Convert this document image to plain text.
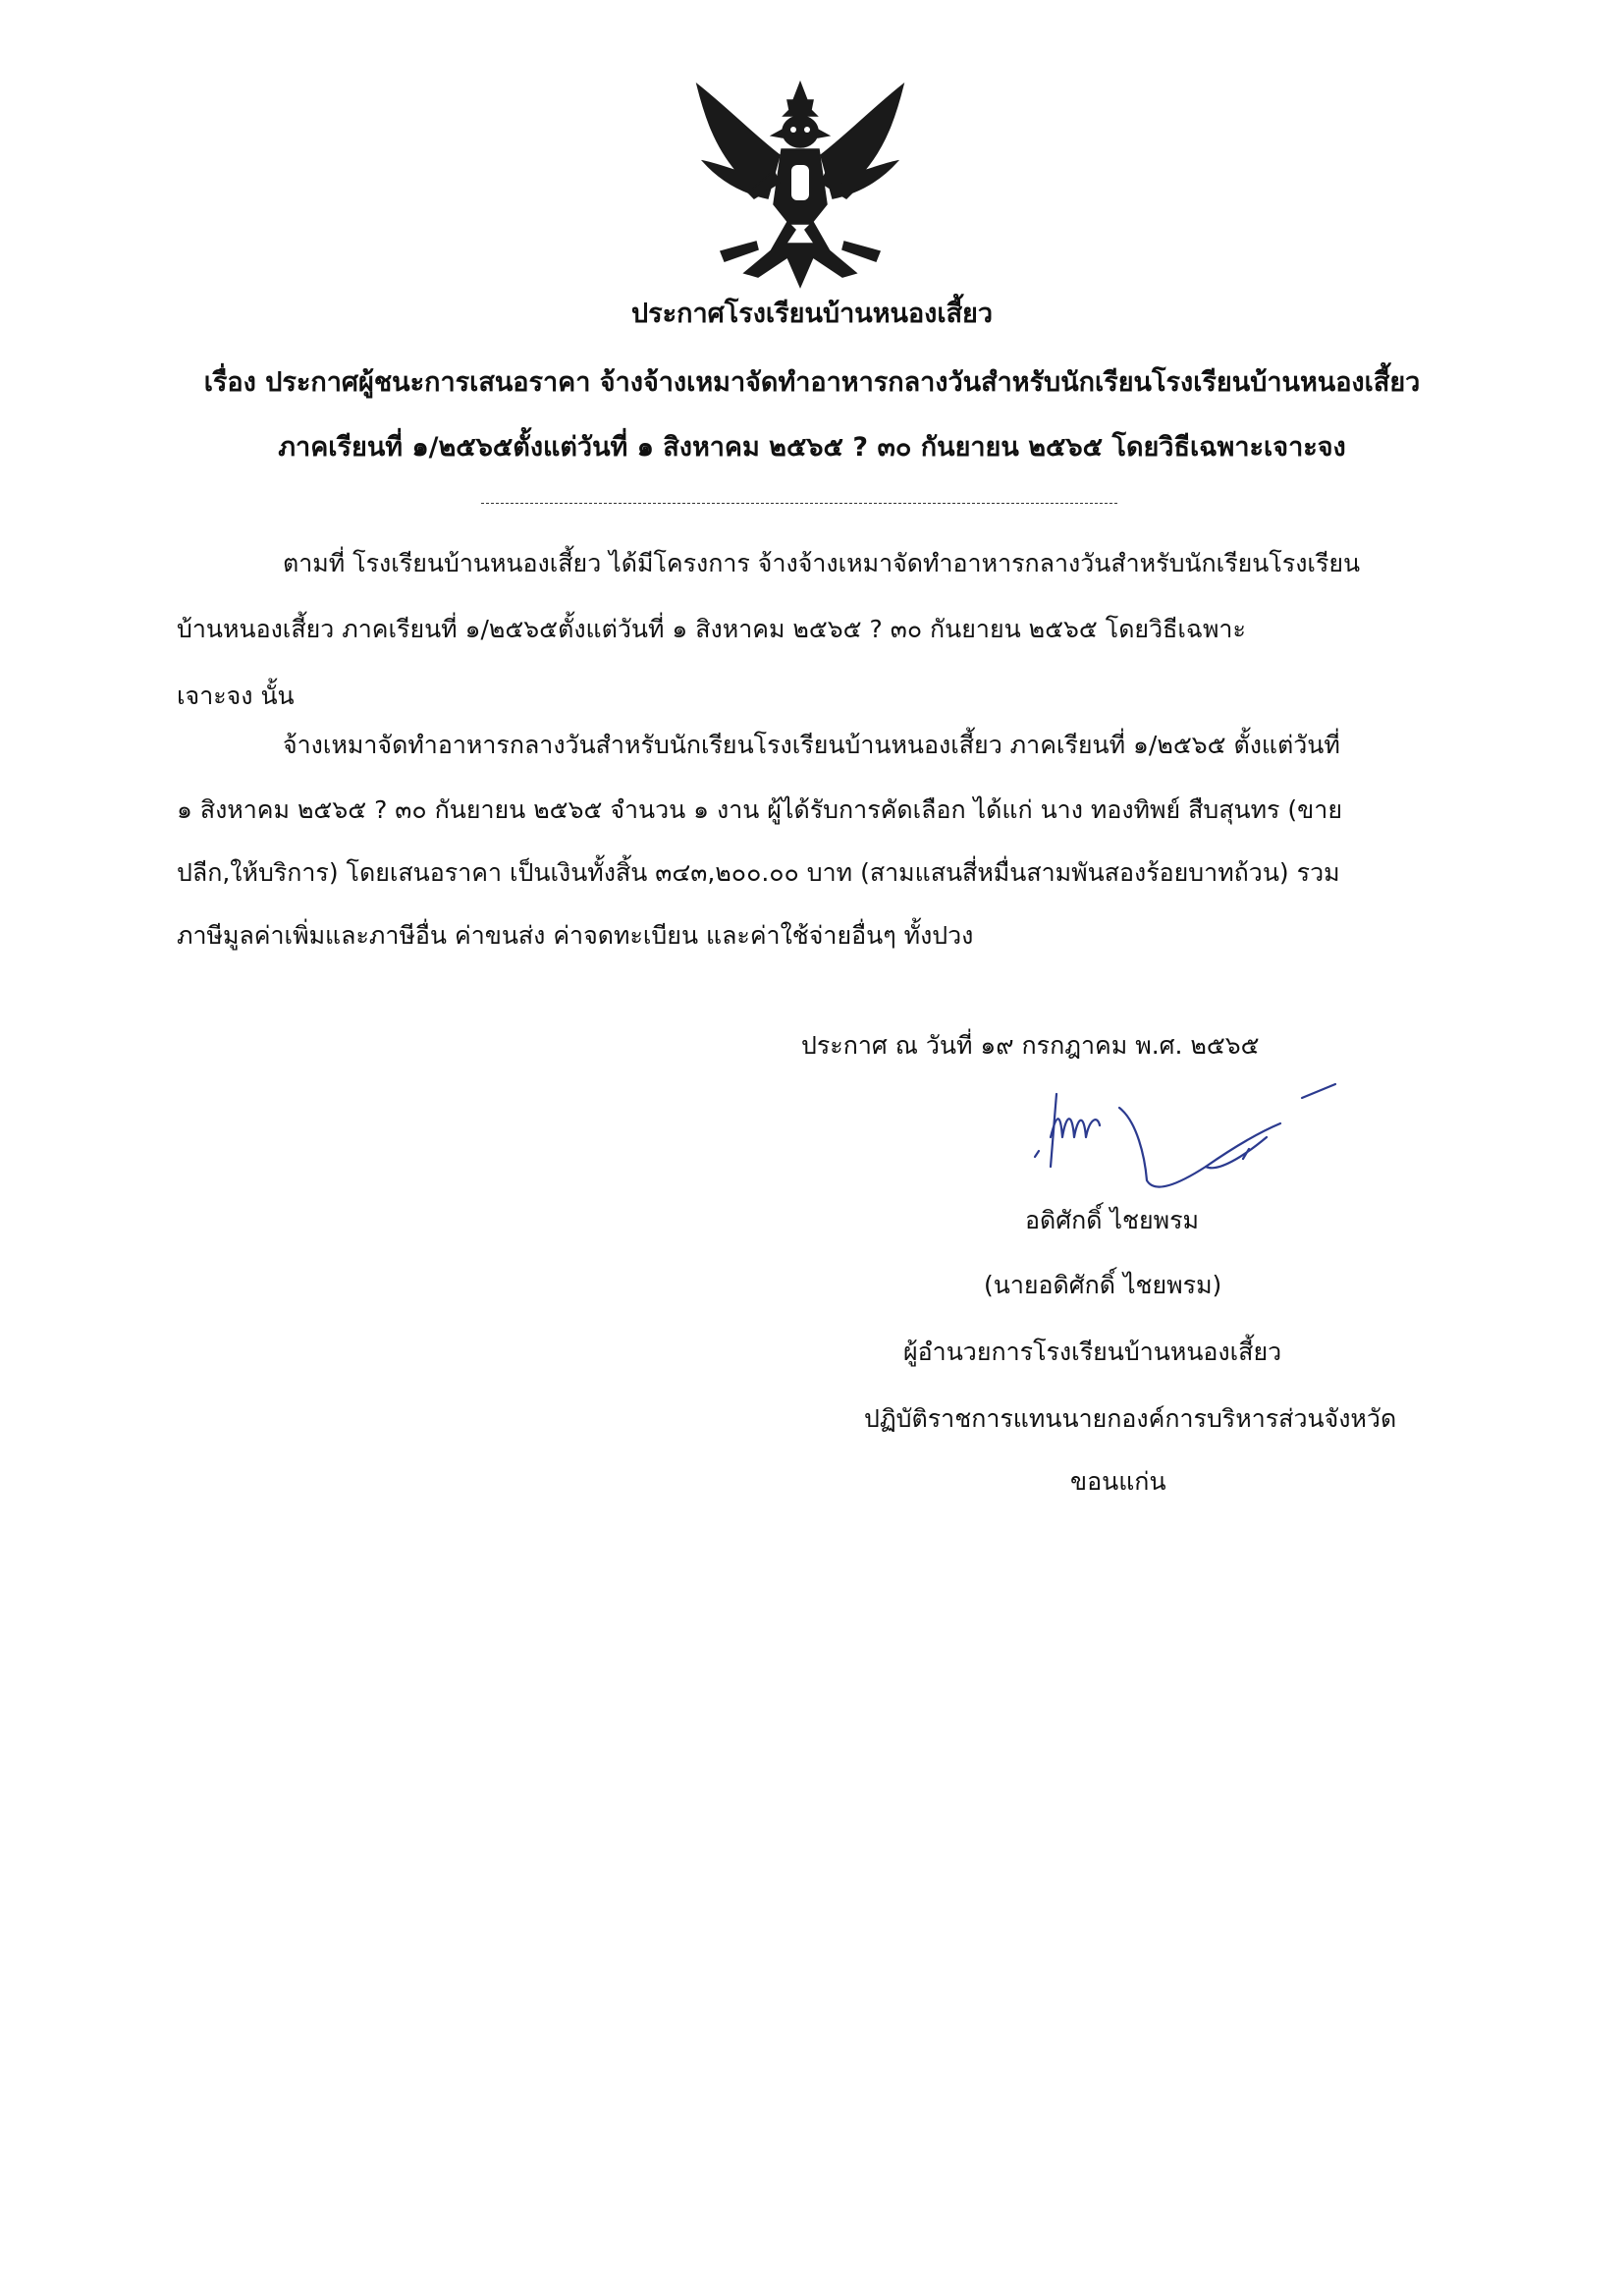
ประกาศโรงเรียนบ้านหนองเสี้ยว
เรื่อง ประกาศผู้ชนะการเสนอราคา จ้างจ้างเหมาจัดทำอาหารกลางวันสำหรับนักเรียนโรงเรียนบ้านหนองเสี้ยว
ภาคเรียนที่ ๑/๒๕๖๕ตั้งแต่วันที่ ๑ สิงหาคม ๒๕๖๕ ? ๓๐ กันยายน ๒๕๖๕ โดยวิธีเฉพาะเจาะจง
ตามที่ โรงเรียนบ้านหนองเสี้ยว ได้มีโครงการ จ้างจ้างเหมาจัดทำอาหารกลางวันสำหรับนักเรียนโรงเรียน
บ้านหนองเสี้ยว ภาคเรียนที่ ๑/๒๕๖๕ตั้งแต่วันที่ ๑ สิงหาคม ๒๕๖๕ ? ๓๐ กันยายน ๒๕๖๕ โดยวิธีเฉพาะ
เจาะจง นั้น
จ้างเหมาจัดทำอาหารกลางวันสำหรับนักเรียนโรงเรียนบ้านหนองเสี้ยว ภาคเรียนที่ ๑/๒๕๖๕ ตั้งแต่วันที่
๑ สิงหาคม ๒๕๖๕ ? ๓๐ กันยายน ๒๕๖๕ จำนวน ๑ งาน ผู้ได้รับการคัดเลือก ได้แก่ นาง ทองทิพย์ สืบสุนทร (ขาย
ปลีก,ให้บริการ) โดยเสนอราคา เป็นเงินทั้งสิ้น ๓๔๓,๒๐๐.๐๐ บาท (สามแสนสี่หมื่นสามพันสองร้อยบาทถ้วน) รวม
ภาษีมูลค่าเพิ่มและภาษีอื่น ค่าขนส่ง ค่าจดทะเบียน และค่าใช้จ่ายอื่นๆ ทั้งปวง
ประกาศ ณ วันที่ ๑๙ กรกฎาคม พ.ศ. ๒๕๖๕
อดิศักดิ์ ไชยพรม
(นายอดิศักดิ์ ไชยพรม)
ผู้อำนวยการโรงเรียนบ้านหนองเสี้ยว
ปฏิบัติราชการแทนนายกองค์การบริหารส่วนจังหวัด
ขอนแก่น
